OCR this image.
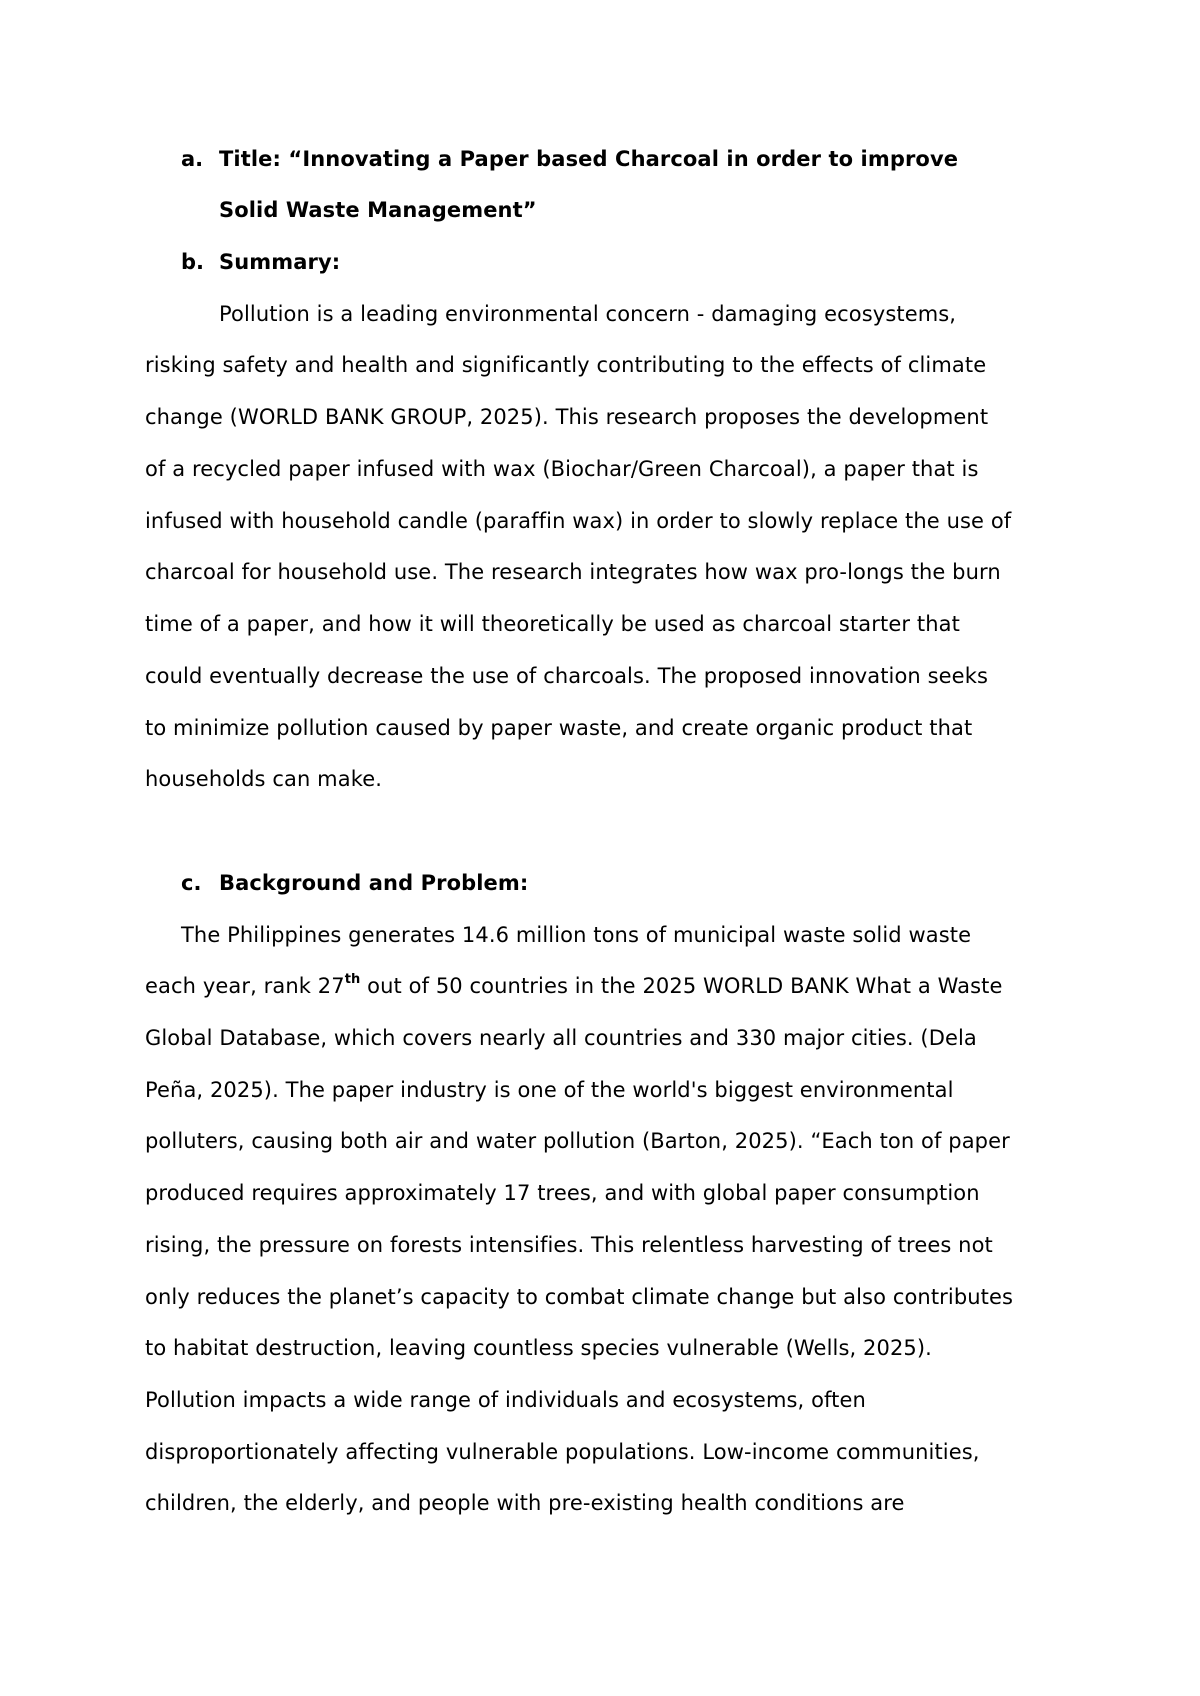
a. Title: “Innovating a Paper based Charcoal in order to improve
Solid Waste Management”
b. Summary:
Pollution is a leading environmental concern - damaging ecosystems,
risking safety and health and significantly contributing to the effects of climate
change (WORLD BANK GROUP, 2025). This research proposes the development
of a recycled paper infused with wax (Biochar/Green Charcoal), a paper that is
infused with household candle (paraffin wax) in order to slowly replace the use of
charcoal for household use. The research integrates how wax pro-longs the burn
time of a paper, and how it will theoretically be used as charcoal starter that
could eventually decrease the use of charcoals. The proposed innovation seeks
to minimize pollution caused by paper waste, and create organic product that
households can make.
c. Background and Problem:
The Philippines generates 14.6 million tons of municipal waste solid waste
each year, rank 27th out of 50 countries in the 2025 WORLD BANK What a Waste
Global Database, which covers nearly all countries and 330 major cities. (Dela
Peña, 2025). The paper industry is one of the world's biggest environmental
polluters, causing both air and water pollution (Barton, 2025). “Each ton of paper
produced requires approximately 17 trees, and with global paper consumption
rising, the pressure on forests intensifies. This relentless harvesting of trees not
only reduces the planet’s capacity to combat climate change but also contributes
to habitat destruction, leaving countless species vulnerable (Wells, 2025).
Pollution impacts a wide range of individuals and ecosystems, often
disproportionately affecting vulnerable populations. Low-income communities,
children, the elderly, and people with pre-existing health conditions are
